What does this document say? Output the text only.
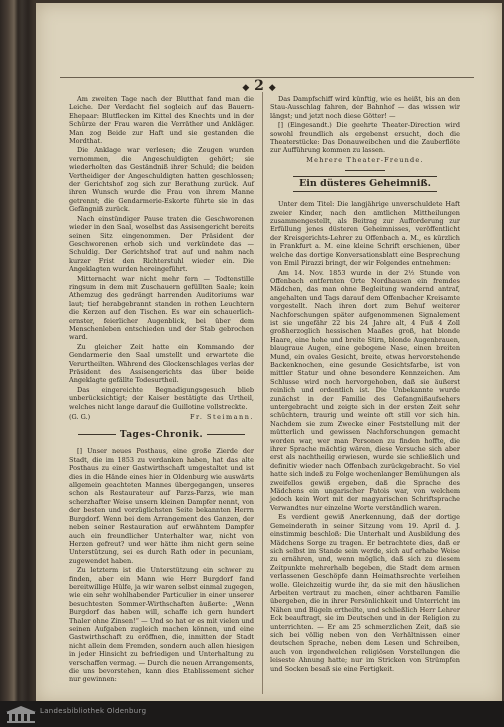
◆ 2 ◆

Am zweiten Tage nach der Blutthat fand man die Leiche. Der Verdacht fiel sogleich auf das Bauern-Ehepaar: Blutflecken im Kittel des Knechts und in der Schürze der Frau waren die Verräther und Ankläger. Man zog Beide zur Haft und sie gestanden die Mordthat.

Die Anklage war verlesen; die Zeugen wurden vernommen, die Angeschuldigten gehört; sie wiederholten das Geständniß ihrer Schuld; die beiden Vertheidiger der Angeschuldigten hatten geschlossen; der Gerichtshof zog sich zur Berathung zurück. Auf ihren Wunsch wurde die Frau von ihrem Manne getrennt; die Gendarmerie-Eskorte führte sie in das Gefängniß zurück.

Nach einstündiger Pause traten die Geschworenen wieder in den Saal, woselbst das Assisengericht bereits seinen Sitz eingenommen. Der Präsident der Geschworenen erhob sich und verkündete das — Schuldig. Der Gerichtshof trat auf und nahm nach kurzer Frist den Richterstuhl wieder ein. Die Angeklagten wurden hereingeführt.

Mitternacht war nicht mehr fern — Todtenstille ringsum in dem mit Zuschauern gefüllten Saale; kein Athemzug des gedrängt harrenden Auditoriums war laut; tief herabgebrannt standen in rothen Leuchtern die Kerzen auf den Tischen. Es war ein schauerlich-ernster, feierlicher Augenblick, bei über dem Menschenleben entschieden und der Stab gebrochen ward.

Zu gleicher Zeit hatte ein Kommando der Gendarmerie den Saal umstellt und erwartete die Verurtheilten. Während des Glockenschlages verlas der Präsident des Assisengerichts das über beide Angeklagte gefällte Todesurtheil.

Das eingereichte Begnadigungsgesuch blieb unberücksichtigt; der Kaiser bestätigte das Urtheil, welches nicht lange darauf die Guillotine vollstreckte.

(G. G.)	Fr. Steimann.
Tages-Chronik.

[] Unser neues Posthaus, eine große Zierde der Stadt, die im 1853 zu verdanken haben, hat das alte Posthaus zu einer Gastwirthschaft umgestaltet und ist dies in die Hände eines hier in Oldenburg wie auswärts allgemein geachteten Mannes übergegangen, unseres schon als Restaurateur auf Parzs-Parzs, wie man scherzhafter Weise unsern kleinen Dampfer nennt, von der besten und vorzüglichsten Seite bekannten Herrn Burgdorf. Wenn bei dem Arrangement des Ganzen, der neben seiner Restauration auf erwähntem Dampfer auch ein freundlicher Unterhalter war, nicht von Herzen gefreut? und wer hätte ihm nicht gern seine Unterstützung, sei es durch Rath oder in pecuniam, zugewendet haben.

Zu letzterm ist die Unterstützung ein schwer zu finden, aber ein Mann wie Herr Burgdorf fand bereitwillige Hülfe, ja wir waren selbst einmal zugegen, wie ein sehr wohlhabender Particulier in einer unserer besuchtesten Sommer-Wirthschaften äußerte: „Wenn Burgdorf das haben will, schaffe ich gern hundert Thaler ohne Zinsen!“ — Und so hat er es mit vielen und seinen Aufgaben zugleich machen können, und eine Gastwirthschaft zu eröffnen, die, inmitten der Stadt nicht allein dem Fremden, sondern auch allen hiesigen in jeder Hinsicht zu befriedigen und Unterhaltung zu verschaffen vermag. — Durch die neuen Arrangements, die uns bevorstehen, kann dies Etablissement sicher nur gewinnen:

Das Dampfschiff wird künftig, wie es heißt, bis an den Stau-Ausschlag fahren, der Bahnhof — das wissen wir längst; und jetzt noch diese Götter! —

[] (Eingesandt.) Die geehrte Theater-Direction wird sowohl freundlich als ergebenst ersucht, doch die Theaterstücke: Das Donauweibchen und die Zauberflöte zur Aufführung kommen zu lassen.

Mehrere Theater-Freunde.
Ein düsteres Geheimniß.

Unter dem Titel: Die langjährige unverschuldete Haft zweier Kinder, nach den amtlichen Mittheilungen zusammengestellt, als Beitrag zur Aufforderung zur Erfüllung jenes düsteren Geheimnisses, veröffentlicht der Kreisgerichts-Lehrer zu Offenbach a. M., es kürzlich in Frankfurt a. M. eine kleine Schrift erschienen, über welche das dortige Konversationsblatt eine Besprechung von Emil Pirazzi bringt, der wir Folgendes entnehmen:

Am 14. Nov. 1853 wurde in der 2½ Stunde von Offenbach entfernten Orte Nordhausen ein fremdes Mädchen, das man ohne Begleitung wandernd antraf, angehalten und Tags darauf dem Offenbacher Kreisamte vorgestellt. Nach ihren dort zum Behuf weiterer Nachforschungen später aufgenommenen Signalement ist sie ungefähr 22 bis 24 Jahre alt, 4 Fuß 4 Zoll großherzoglich hessischen Maaßes groß, hat blonde Haare, eine hohe und breite Stirn, blonde Augenbrauen, blaugraue Augen, eine gebogene Nase, einen breiten Mund, ein ovales Gesicht, breite, etwas hervorstehende Backenknochen, eine gesunde Gesichtsfarbe, ist von mittler Statur und ohne besondere Kennzeichen. Am Schlusse wird noch hervorgehoben, daß sie äußerst reinlich und ordentlich ist. Die Unbekannte wurde zunächst in der Familie des Gefangnißaufsehers untergebracht und zeigte sich in der ersten Zeit sehr schüchtern, traurig und weinte oft still vor sich hin. Nachdem sie zum Zwecke einer Feststellung mit der mütterlich und gewissen Nachforschungen gemacht worden war, wer man Personen zu finden hoffte, die ihrer Sprache mächtig wären, diese Versuche sich aber erst als nachtheilig erwiesen, wurde sie schließlich und definitiv wieder nach Offenbach zurückgebracht. So viel hatte sich indeß zu Folge wochenlanger Bemühungen als zweifellos gewiß ergeben, daß die Sprache des Mädchens ein ungarischer Patois war, von welchem jedoch kein Wort mit der magyarischen Schriftsprache Verwandtes nur einzelne Worte verständlich waren.

Es verdient gewiß Anerkennung, daß der dortige Gemeinderath in seiner Sitzung vom 19. April d. J. einstimmig beschloß: Die Unterhalt und Ausbildung des Mädchens Sorge zu tragen. Er betrachtete dies, daß er sich selbst im Stande sein werde, sich auf erhabe Weise zu ernähren, und, wenn möglich, daß sich zu diesem Zeitpunkte mehrerhalb begeben, die Stadt dem armen verlassenen Geschöpfe dann Heimathsrechte verleihen wolle. Gleichzeitig wurde ihr, da sie mit den häuslichen Arbeiten vertraut zu machen, einer achtbaren Familie übergeben, die in ihrer Persönlichkeit und Unterricht im Nähen und Bügeln ertheilte, und schließlich Herr Lehrer Eck beauftragt, sie im Deutschen und in der Religion zu unterrichten. — Er am 25 schmerzlichen Zeit, daß sie sich bei völlig neben von den Verhältnissen einer deutschen Sprache, neben dem Lesen und Schreiben, auch von irgendwelchen religiösen Vorstellungen die leiseste Ahnung hatte; nur im Stricken von Strümpfen und Socken besaß sie eine Fertigkeit.

Landesbibliothek Oldenburg
